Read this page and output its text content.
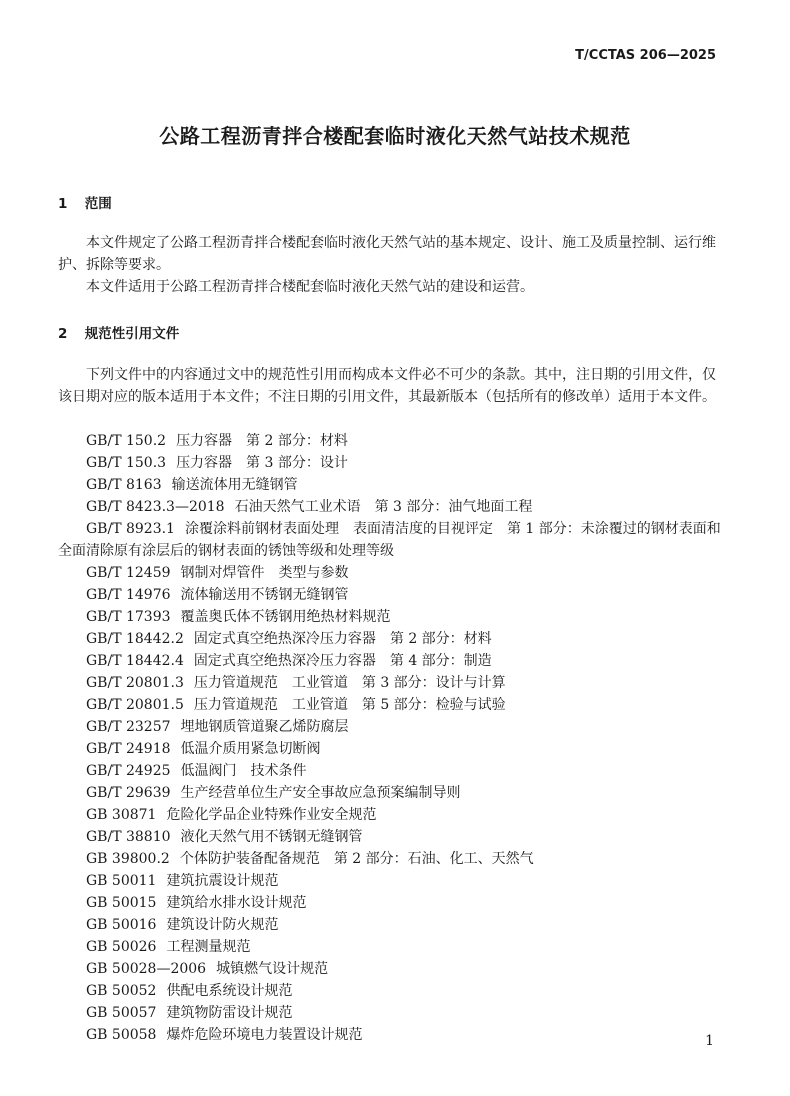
T/CCTAS 206—2025
公路工程沥青拌合楼配套临时液化天然气站技术规范
1 范围
本文件规定了公路工程沥青拌合楼配套临时液化天然气站的基本规定、设计、施工及质量控制、运行维护、拆除等要求。
本文件适用于公路工程沥青拌合楼配套临时液化天然气站的建设和运营。
2 规范性引用文件
下列文件中的内容通过文中的规范性引用而构成本文件必不可少的条款。其中，注日期的引用文件，仅该日期对应的版本适用于本文件；不注日期的引用文件，其最新版本（包括所有的修改单）适用于本文件。
GB/T 150.2 压力容器　第 2 部分：材料
GB/T 150.3 压力容器　第 3 部分：设计
GB/T 8163 输送流体用无缝钢管
GB/T 8423.3—2018 石油天然气工业术语　第 3 部分：油气地面工程
GB/T 8923.1 涂覆涂料前钢材表面处理　表面清洁度的目视评定　第 1 部分：未涂覆过的钢材表面和全面清除原有涂层后的钢材表面的锈蚀等级和处理等级
GB/T 12459 钢制对焊管件　类型与参数
GB/T 14976 流体输送用不锈钢无缝钢管
GB/T 17393 覆盖奥氏体不锈钢用绝热材料规范
GB/T 18442.2 固定式真空绝热深冷压力容器　第 2 部分：材料
GB/T 18442.4 固定式真空绝热深冷压力容器　第 4 部分：制造
GB/T 20801.3 压力管道规范　工业管道　第 3 部分：设计与计算
GB/T 20801.5 压力管道规范　工业管道　第 5 部分：检验与试验
GB/T 23257 埋地钢质管道聚乙烯防腐层
GB/T 24918 低温介质用紧急切断阀
GB/T 24925 低温阀门　技术条件
GB/T 29639 生产经营单位生产安全事故应急预案编制导则
GB 30871 危险化学品企业特殊作业安全规范
GB/T 38810 液化天然气用不锈钢无缝钢管
GB 39800.2 个体防护装备配备规范　第 2 部分：石油、化工、天然气
GB 50011 建筑抗震设计规范
GB 50015 建筑给水排水设计规范
GB 50016 建筑设计防火规范
GB 50026 工程测量规范
GB 50028—2006 城镇燃气设计规范
GB 50052 供配电系统设计规范
GB 50057 建筑物防雷设计规范
GB 50058 爆炸危险环境电力装置设计规范	1
